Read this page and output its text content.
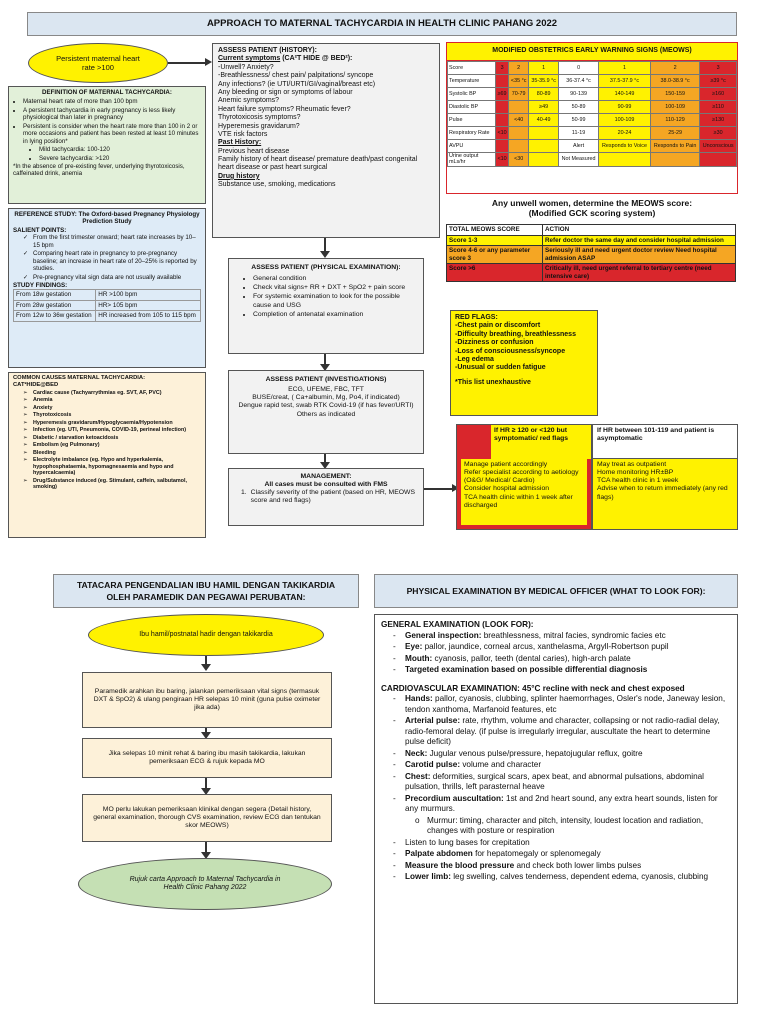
APPROACH TO MATERNAL TACHYCARDIA IN HEALTH CLINIC PAHANG 2022
Persistent maternal heart rate >100
DEFINITION OF MATERNAL TACHYCARDIA:
• Maternal heart rate of more than 100 bpm
• A persistent tachycardia in early pregnancy is less likely physiological than later in pregnancy
• Persistent is consider when the heart rate more than 100 in 2 or more occasions and patient has been rested at least 10 minutes in lying position*
• Mild tachycardia: 100-120
• Severe tachycardia: >120
*In the absence of pre-existing fever, underlying thyrotoxicosis, caffeinated drink, anemia
REFERENCE STUDY: The Oxford-based Pregnancy Physiology Prediction Study
SALIENT POINTS:
✓ From the first trimester onward; heart rate increases by 10–15 bpm
✓ Comparing heart rate in pregnancy to pre-pregnancy baseline; an increase in heart rate of 20–25% is reported by studies.
✓ Pre-pregnancy vital sign data are not usually available
STUDY FINDINGS:
From 18w gestation	HR >100 bpm
From 28w gestation	HR> 105 bpm
From 12w to 36w gestation	HR increased from 105 to 115 bpm
COMMON CAUSES MATERNAL TACHYCARDIA:
CAT²HIDE@BED
➢ Cardiac cause (Tachyarrythmias eg. SVT, AF, PVC)
➢ Anemia
➢ Anxiety
➢ Thyrotoxicosis
➢ Hyperemesis gravidarum/Hypoglycaemia/Hypotension
➢ Infection (eg. UTI, Pneumonia, COVID-19, perineal infection)
➢ Diabetic / starvation ketoacidosis
➢ Embolism (eg Pulmonary)
➢ Bleeding
➢ Electrolyte imbalance (eg. Hypo and hyperkalemia, hypophosphataemia, hypomagnesaemia and hypo and hypercalcaemia)
➢ Drug/Substance induced (eg. Stimulant, caffein, salbutamol, smoking)
ASSESS PATIENT (HISTORY):
Current symptoms (CA²T HIDE @ BED²):
-Unwell? Anxiety?
-Breathlessness/ chest pain/ palpitations/ syncope
Any infections? (ie UTI/URTI/GI/vaginal/breast etc)
Any bleeding or sign or symptoms of labour
Anemic symptoms?
Heart failure symptoms? Rheumatic fever?
Thyrotoxicosis symptoms?
Hyperemesis gravidarum?
VTE risk factors
Past History:
Previous heart disease
Family history of heart disease/ premature death/past congenital heart disease or past heart surgical
Drug history
Substance use, smoking, medications
ASSESS PATIENT (PHYSICAL EXAMINATION):
• General condition
• Check vital signs+ RR + DXT + SpO2 + pain score
• For systemic examination to look for the possible cause and USG
• Completion of antenatal examination
ASSESS PATIENT (INVESTIGATIONS)
ECG, UFEME, FBC, TFT
BUSE/creat, ( Ca+albumin, Mg, Po4, if indicated)
Dengue rapid test, swab RTK Covid-19 (if has fever/URTI)
Others as indicated
MANAGEMENT:
All cases must be consulted with FMS
1. Classify severity of the patient (based on HR, MEOWS score and red flags)
MODIFIED OBSTETRICS EARLY WARNING SIGNS (MEOWS)
Score	3	2	1	0	1	2	3
Temperature		<35 °c	35-35.9 °c	36-37.4 °c	37.5-37.9 °c	38.0-38.9 °c	≥39 °c
Systolic BP	≥69	70-79	80-89	90-139	140-149	150-159	≥160
Diastolic BP			≥49	50-89	90-99	100-109	≥110
Pulse		<40	40-49	50-99	100-109	110-129	≥130
Respiratory Rate	<10			11-19	20-24	25-29	≥30
AVPU				Alert	Responds to Voice	Responds to Pain	Unconscious
Urine output mLs/hr	<10	<30		Not Measured			
Any unwell women, determine the MEOWS score:
(Modified GCK scoring system)
TOTAL MEOWS SCORE	ACTION
Score 1-3	Refer doctor the same day and consider hospital admission
Score 4-6 or any parameter score 3	Seriously ill and need urgent doctor review Need hospital admission ASAP
Score >6	Critically ill, need urgent referral to tertiary centre (need intensive care)
RED FLAGS:
-Chest pain or discomfort
-Difficulty breathing, breathlessness
-Dizziness or confusion
-Loss of consciousness/syncope
-Leg edema
-Unusual or sudden fatigue
*This list unexhaustive
If HR ≥ 120 or <120 but symptomatic/ red flags
Manage patient accordingly
Refer specialist according to aetiology (O&G/ Medical/ Cardio)
Consider hospital admission
TCA health clinic within 1 week after discharged
If HR between 101-119 and patient is asymptomatic
May treat as outpatient
Home monitoring HR±BP
TCA health clinic in 1 week
Advise when to return immediately (any red flags)
TATACARA PENGENDALIAN IBU HAMIL DENGAN TAKIKARDIA OLEH PARAMEDIK DAN PEGAWAI PERUBATAN:
Ibu hamil/postnatal hadir dengan takikardia
Paramedik arahkan ibu baring, jalankan pemeriksaan vital signs (termasuk DXT & SpO2) & ulang pengiraan HR selepas 10 minit (guna pulse oximeter jika ada)
Jika selepas 10 minit rehat & baring ibu masih takikardia, lakukan pemeriksaan ECG & rujuk kepada MO
MO perlu lakukan pemeriksaan klinikal dengan segera (Detail history, general examination, thorough CVS examination, review ECG dan tentukan skor MEOWS)
Rujuk carta Approach to Maternal Tachycardia in Health Clinic Pahang 2022
PHYSICAL EXAMINATION BY MEDICAL OFFICER (WHAT TO LOOK FOR):
GENERAL EXAMINATION (LOOK FOR):
- General inspection: breathlessness, mitral facies, syndromic facies etc
- Eye: pallor, jaundice, corneal arcus, xanthelasma, Argyll-Robertson pupil
- Mouth: cyanosis, pallor, teeth (dental caries), high-arch palate
- Targeted examination based on possible differential diagnosis
CARDIOVASCULAR EXAMINATION: 45°C recline with neck and chest exposed
- Hands: pallor, cyanosis, clubbing, splinter haemorrhages, Osler's node, Janeway lesion, tendon xanthoma, Marfanoid features, etc
- Arterial pulse: rate, rhythm, volume and character, collapsing or not radio-radial delay, radio-femoral delay. (if pulse is irregularly irregular, auscultate the heart to determine pulse deficit)
- Neck: Jugular venous pulse/pressure, hepatojugular reflux, goitre
- Carotid pulse: volume and character
- Chest: deformities, surgical scars, apex beat, and abnormal pulsations, abdominal pulsation, thrills, left parasternal heave
- Precordium auscultation: 1st and 2nd heart sound, any extra heart sounds, listen for any murmurs.
o Murmur: timing, character and pitch, intensity, loudest location and radiation, changes with posture or respiration
- Listen to lung bases for crepitation
- Palpate abdomen for hepatomegaly or splenomegaly
- Measure the blood pressure and check both lower limbs pulses
- Lower limb: leg swelling, calves tenderness, dependent edema, cyanosis, clubbing
